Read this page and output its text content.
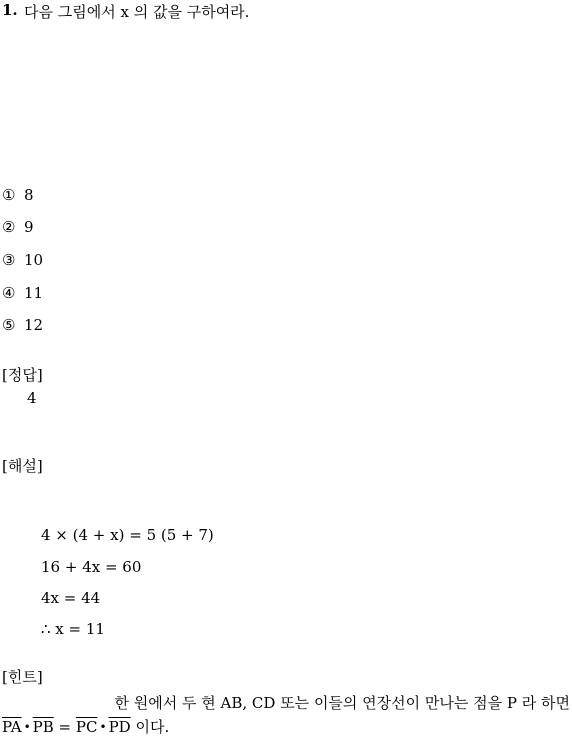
1. 다음 그림에서 x 의 값을 구하여라.
① 8
② 9
③ 10
④ 11
⑤ 12
[정답]
4
[해설]
4 × (4 + x) = 5 (5 + 7)
16 + 4x = 60
4x = 44
∴ x = 11
[힌트]
한 원에서 두 현 AB, CD 또는 이들의 연장선이 만나는 점을 P 라 하면
$\overline{PA}$ • $\overline{PB} = \overline{PC}$ • $\overline{PD}$ 이다.
